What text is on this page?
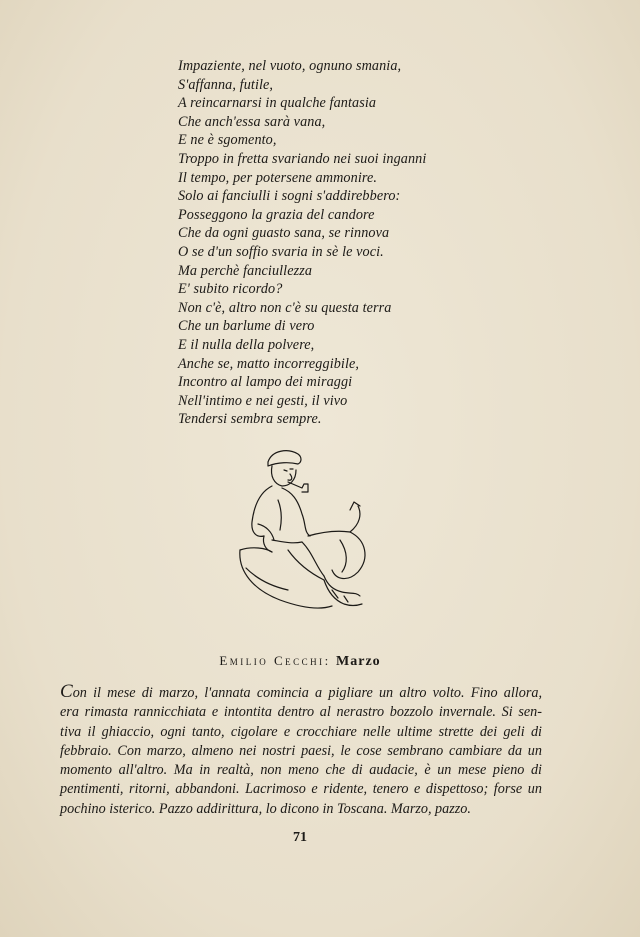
Impaziente, nel vuoto, ognuno smania,
S'affanna, futile,
A reincarnarsi in qualche fantasia
Che anch'essa sarà vana,
E ne è sgomento,
Troppo in fretta svariando nei suoi inganni
Il tempo, per potersene ammonire.
Solo ai fanciulli i sogni s'addirebbero:
Posseggono la grazia del candore
Che da ogni guasto sana, se rinnova
O se d'un soffio svaria in sè le voci.
Ma perchè fanciullezza
E' subito ricordo?
Non c'è, altro non c'è su questa terra
Che un barlume di vero
E il nulla della polvere,
Anche se, matto incorreggibile,
Incontro al lampo dei miraggi
Nell'intimo e nei gesti, il vivo
Tendersi sembra sempre.
Emilio Cecchi: Marzo
Con il mese di marzo, l'annata comincia a pigliare un altro volto. Fino allora,
era rimasta rannicchiata e intontita dentro al nerastro bozzolo invernale. Si sen-
tiva il ghiaccio, ogni tanto, cigolare e crocchiare nelle ultime strette dei geli di
febbraio. Con marzo, almeno nei nostri paesi, le cose sembrano cambiare da un
momento all'altro. Ma in realtà, non meno che di audacie, è un mese pieno di
pentimenti, ritorni, abbandoni. Lacrimoso e ridente, tenero e dispettoso; forse un
pochino isterico. Pazzo addirittura, lo dicono in Toscana. Marzo, pazzo.
71
